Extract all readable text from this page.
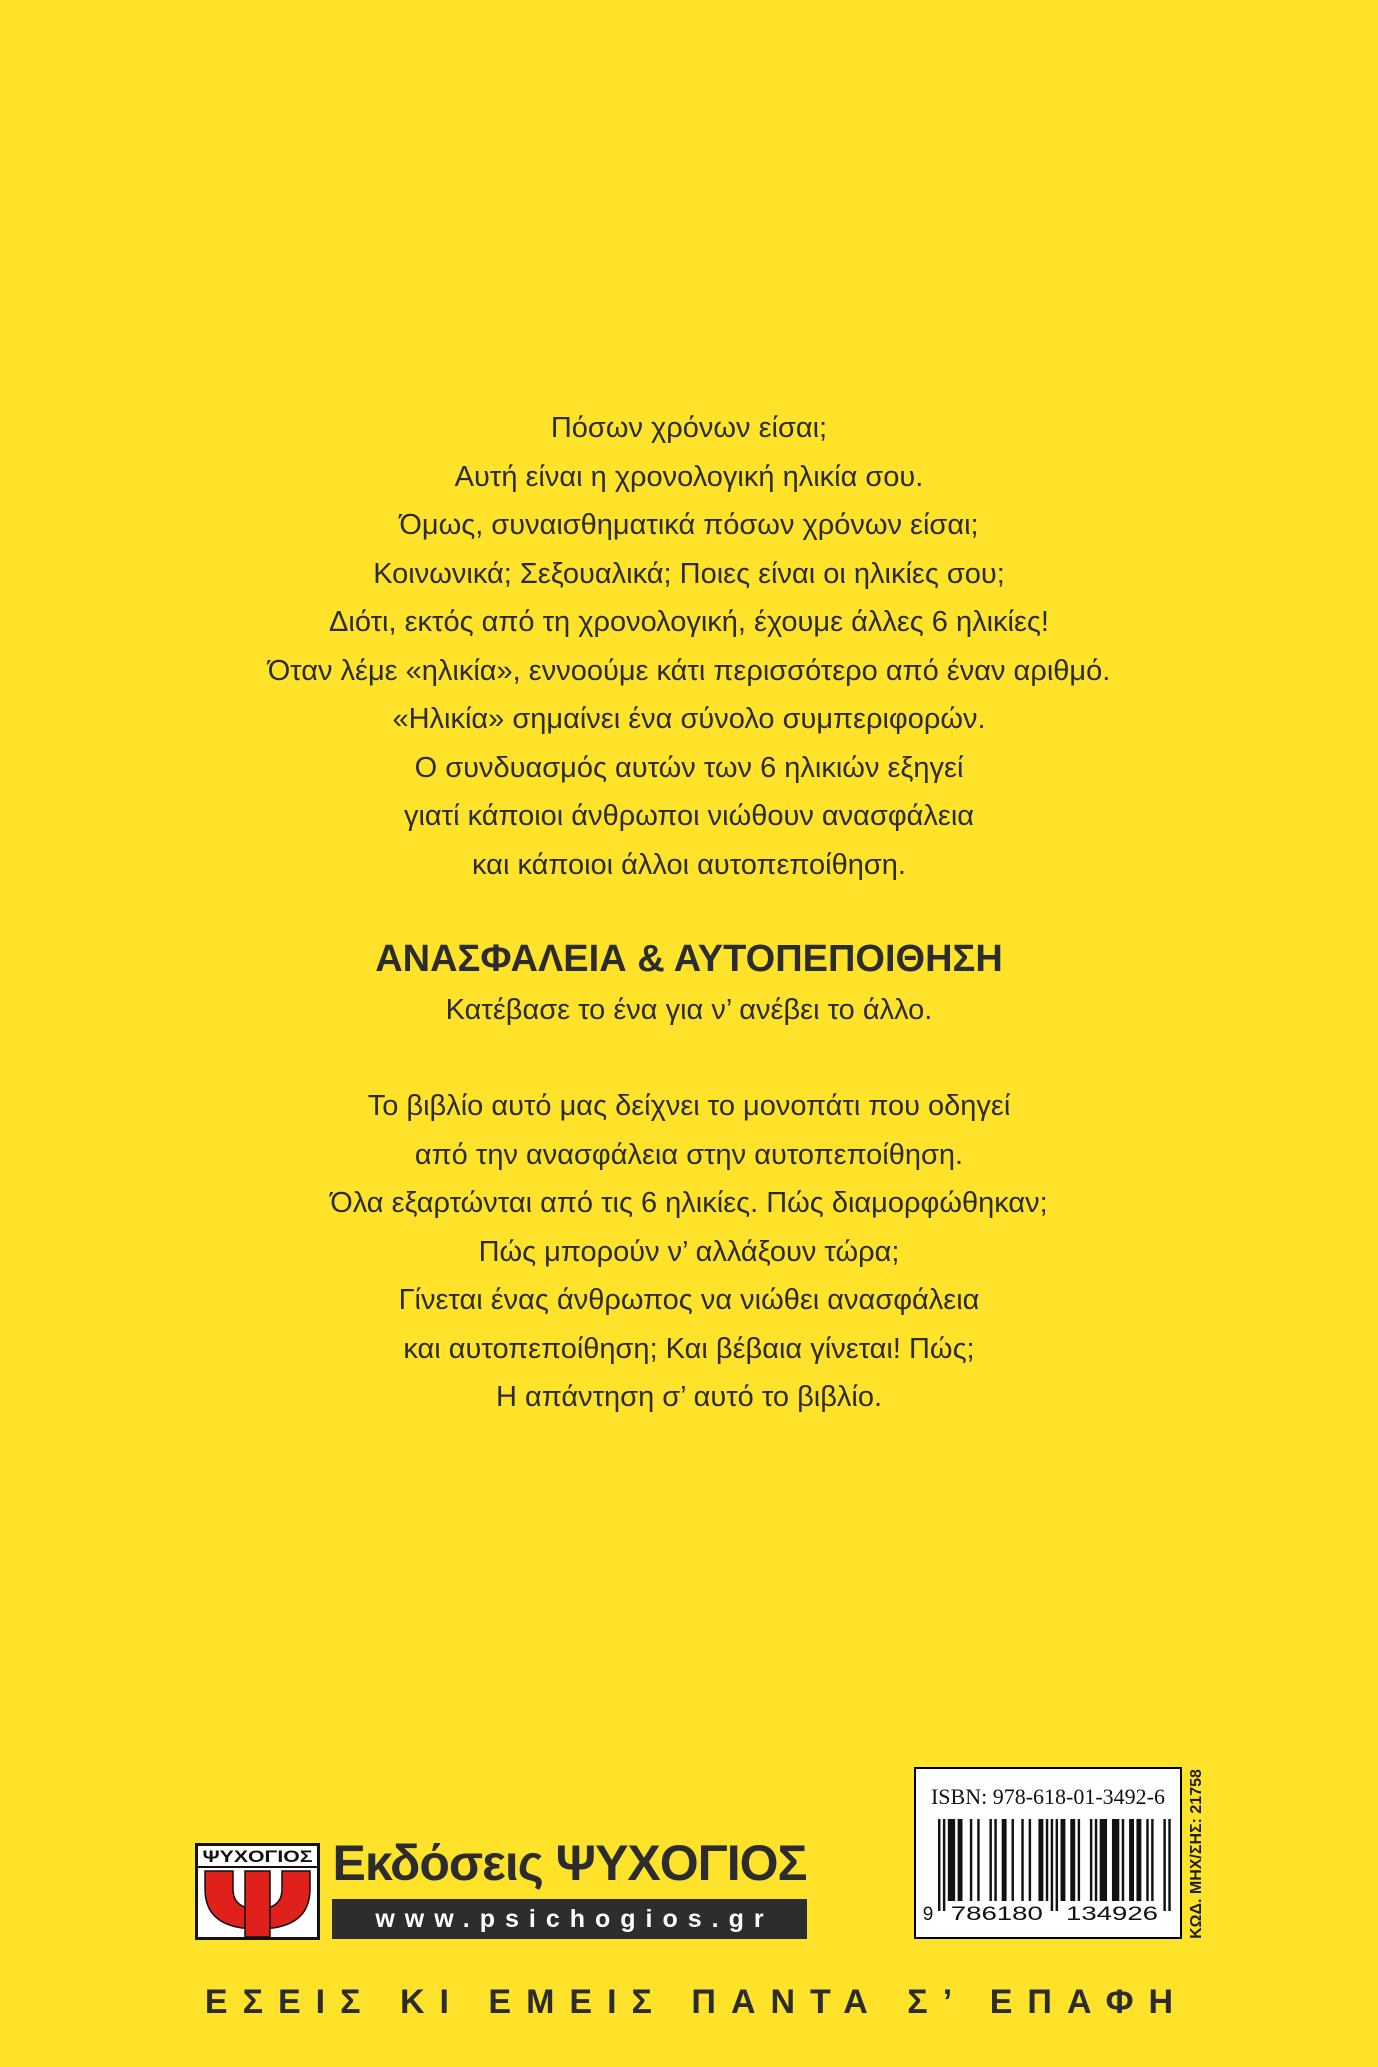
Πόσων χρόνων είσαι;
Αυτή είναι η χρονολογική ηλικία σου.
Όμως, συναισθηματικά πόσων χρόνων είσαι;
Κοινωνικά; Σεξουαλικά; Ποιες είναι οι ηλικίες σου;
Διότι, εκτός από τη χρονολογική, έχουμε άλλες 6 ηλικίες!
Όταν λέμε «ηλικία», εννοούμε κάτι περισσότερο από έναν αριθμό.
«Ηλικία» σημαίνει ένα σύνολο συμπεριφορών.
Ο συνδυασμός αυτών των 6 ηλικιών εξηγεί
γιατί κάποιοι άνθρωποι νιώθουν ανασφάλεια
και κάποιοι άλλοι αυτοπεποίθηση.
ΑΝΑΣΦΑΛΕΙΑ & ΑΥΤΟΠΕΠΟΙΘΗΣΗ
Κατέβασε το ένα για ν’ ανέβει το άλλο.
Το βιβλίο αυτό μας δείχνει το μονοπάτι που οδηγεί
από την ανασφάλεια στην αυτοπεποίθηση.
Όλα εξαρτώνται από τις 6 ηλικίες. Πώς διαμορφώθηκαν;
Πώς μπορούν ν’ αλλάξουν τώρα;
Γίνεται ένας άνθρωπος να νιώθει ανασφάλεια
και αυτοπεποίθηση; Και βέβαια γίνεται! Πώς;
Η απάντηση σ’ αυτό το βιβλίο.
ISBN: 978-618-01-3492-6
9 786180 134926 ΚΩΔ. ΜΗΧ/ΣΗΣ: 21758
ΨΥΧΟΓΙΟΣ Εκδόσεις ΨΥΧΟΓΙΟΣ
www.psichogios.gr
ΕΣΕΙΣ ΚΙ ΕΜΕΙΣ ΠΑΝΤΑ Σ’ ΕΠΑΦΗ
